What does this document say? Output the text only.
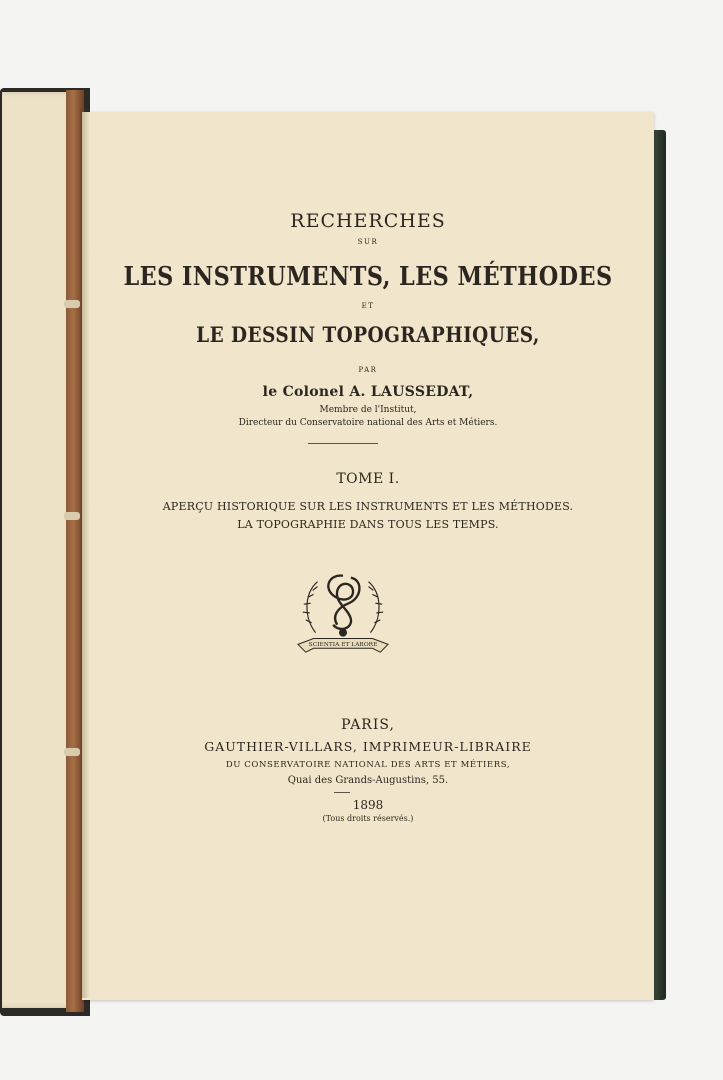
RECHERCHES
SUR
LES INSTRUMENTS, LES MÉTHODES
ET
LE DESSIN TOPOGRAPHIQUES,
PAR
le Colonel A. LAUSSEDAT,
Membre de l'Institut,
Directeur du Conservatoire national des Arts et Métiers.
TOME I.
APERÇU HISTORIQUE SUR LES INSTRUMENTS ET LES MÉTHODES.
LA TOPOGRAPHIE DANS TOUS LES TEMPS.
SCIENTIA ET LABORE
PARIS,
GAUTHIER-VILLARS, IMPRIMEUR-LIBRAIRE
DU CONSERVATOIRE NATIONAL DES ARTS ET MÉTIERS,
Quai des Grands-Augustins, 55.
1898
(Tous droits réservés.)
